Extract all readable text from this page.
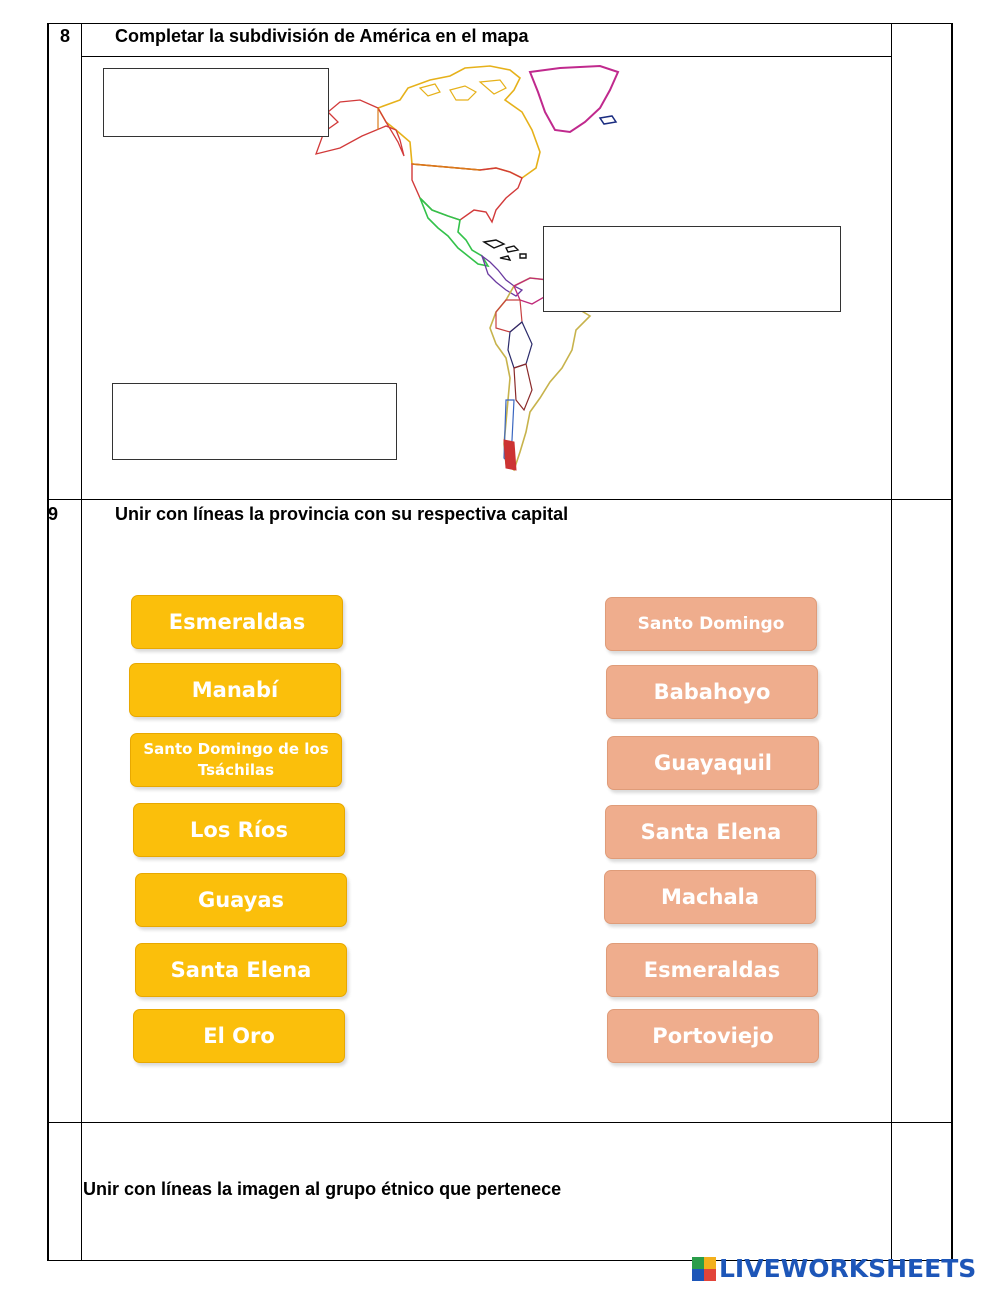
8 Completar la subdivisión de América en el mapa
9	Unir con líneas la provincia con su respectiva capital
Esmeraldas
Manabí
Santo Domingo de los Tsáchilas
Los Ríos
Guayas
Santa Elena
El Oro
Santo Domingo
Babahoyo
Guayaquil
Santa Elena
Machala
Esmeraldas
Portoviejo
Unir con líneas la imagen al grupo étnico que pertenece
LIVEWORKSHEETS
